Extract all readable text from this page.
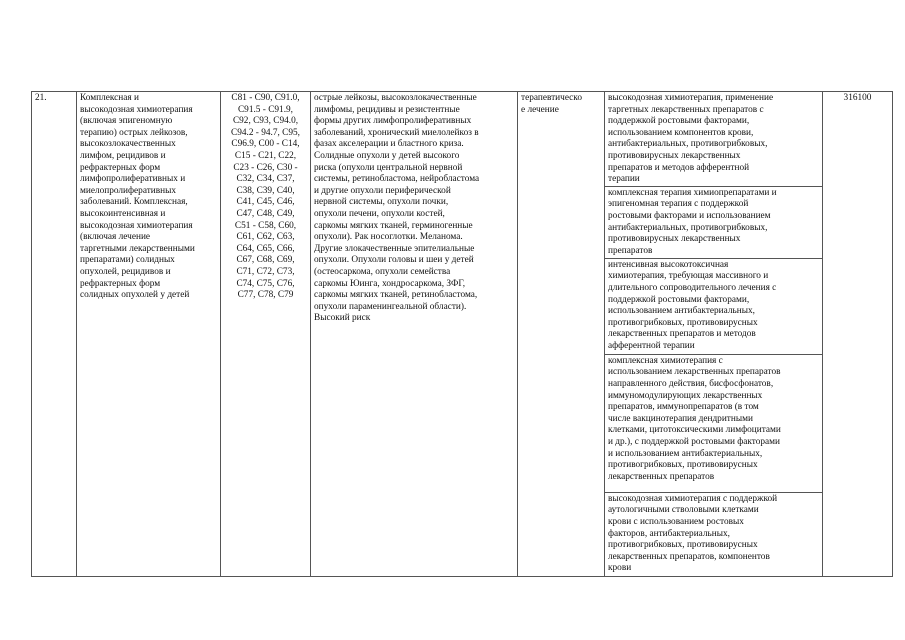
21.	Комплексная и
высокодозная химиотерапия
(включая эпигеномную
терапию) острых лейкозов,
высокозлокачественных
лимфом, рецидивов и
рефрактерных форм
лимфопролиферативных и
миелопролиферативных
заболеваний. Комплексная,
высокоинтенсивная и
высокодозная химиотерапия
(включая лечение
таргетными лекарственными
препаратами) солидных
опухолей, рецидивов и
рефрактерных форм
солидных опухолей у детей	C81 - C90, C91.0,
C91.5 - C91.9,
C92, C93, C94.0,
C94.2 - 94.7, C95,
C96.9, C00 - C14,
C15 - C21, C22,
C23 - C26, C30 -
C32, C34, C37,
C38, C39, C40,
C41, C45, C46,
C47, C48, C49,
C51 - C58, C60,
C61, C62, C63,
C64, C65, C66,
C67, C68, C69,
C71, C72, C73,
C74, C75, C76,
C77, C78, C79	острые лейкозы, высокозлокачественные
лимфомы, рецидивы и резистентные
формы других лимфопролиферативных
заболеваний, хронический миелолейкоз в
фазах акселерации и бластного криза.
Солидные опухоли у детей высокого
риска (опухоли центральной нервной
системы, ретинобластома, нейробластома
и другие опухоли периферической
нервной системы, опухоли почки,
опухоли печени, опухоли костей,
саркомы мягких тканей, герминогенные
опухоли). Рак носоглотки. Меланома.
Другие злокачественные эпителиальные
опухоли. Опухоли головы и шеи у детей
(остеосаркома, опухоли семейства
саркомы Юинга, хондросаркома, ЗФГ,
саркомы мягких тканей, ретинобластома,
опухоли параменингеальной области).
Высокий риск	терапевтическо
е лечение	высокодозная химиотерапия, применение
таргетных лекарственных препаратов с
поддержкой ростовыми факторами,
использованием компонентов крови,
антибактериальных, противогрибковых,
противовирусных лекарственных
препаратов и методов афферентной
терапии	316100
комплексная терапия химиопрепаратами и
эпигеномная терапия с поддержкой
ростовыми факторами и использованием
антибактериальных, противогрибковых,
противовирусных лекарственных
препаратов
интенсивная высокотоксичная
химиотерапия, требующая массивного и
длительного сопроводительного лечения с
поддержкой ростовыми факторами,
использованием антибактериальных,
противогрибковых, противовирусных
лекарственных препаратов и методов
афферентной терапии
комплексная химиотерапия с
использованием лекарственных препаратов
направленного действия, бисфосфонатов,
иммуномодулирующих лекарственных
препаратов, иммунопрепаратов (в том
числе вакцинотерапия дендритными
клетками, цитотоксическими лимфоцитами
и др.), с поддержкой ростовыми факторами
и использованием антибактериальных,
противогрибковых, противовирусных
лекарственных препаратов
высокодозная химиотерапия с поддержкой
аутологичными стволовыми клетками
крови с использованием ростовых
факторов, антибактериальных,
противогрибковых, противовирусных
лекарственных препаратов, компонентов
крови
